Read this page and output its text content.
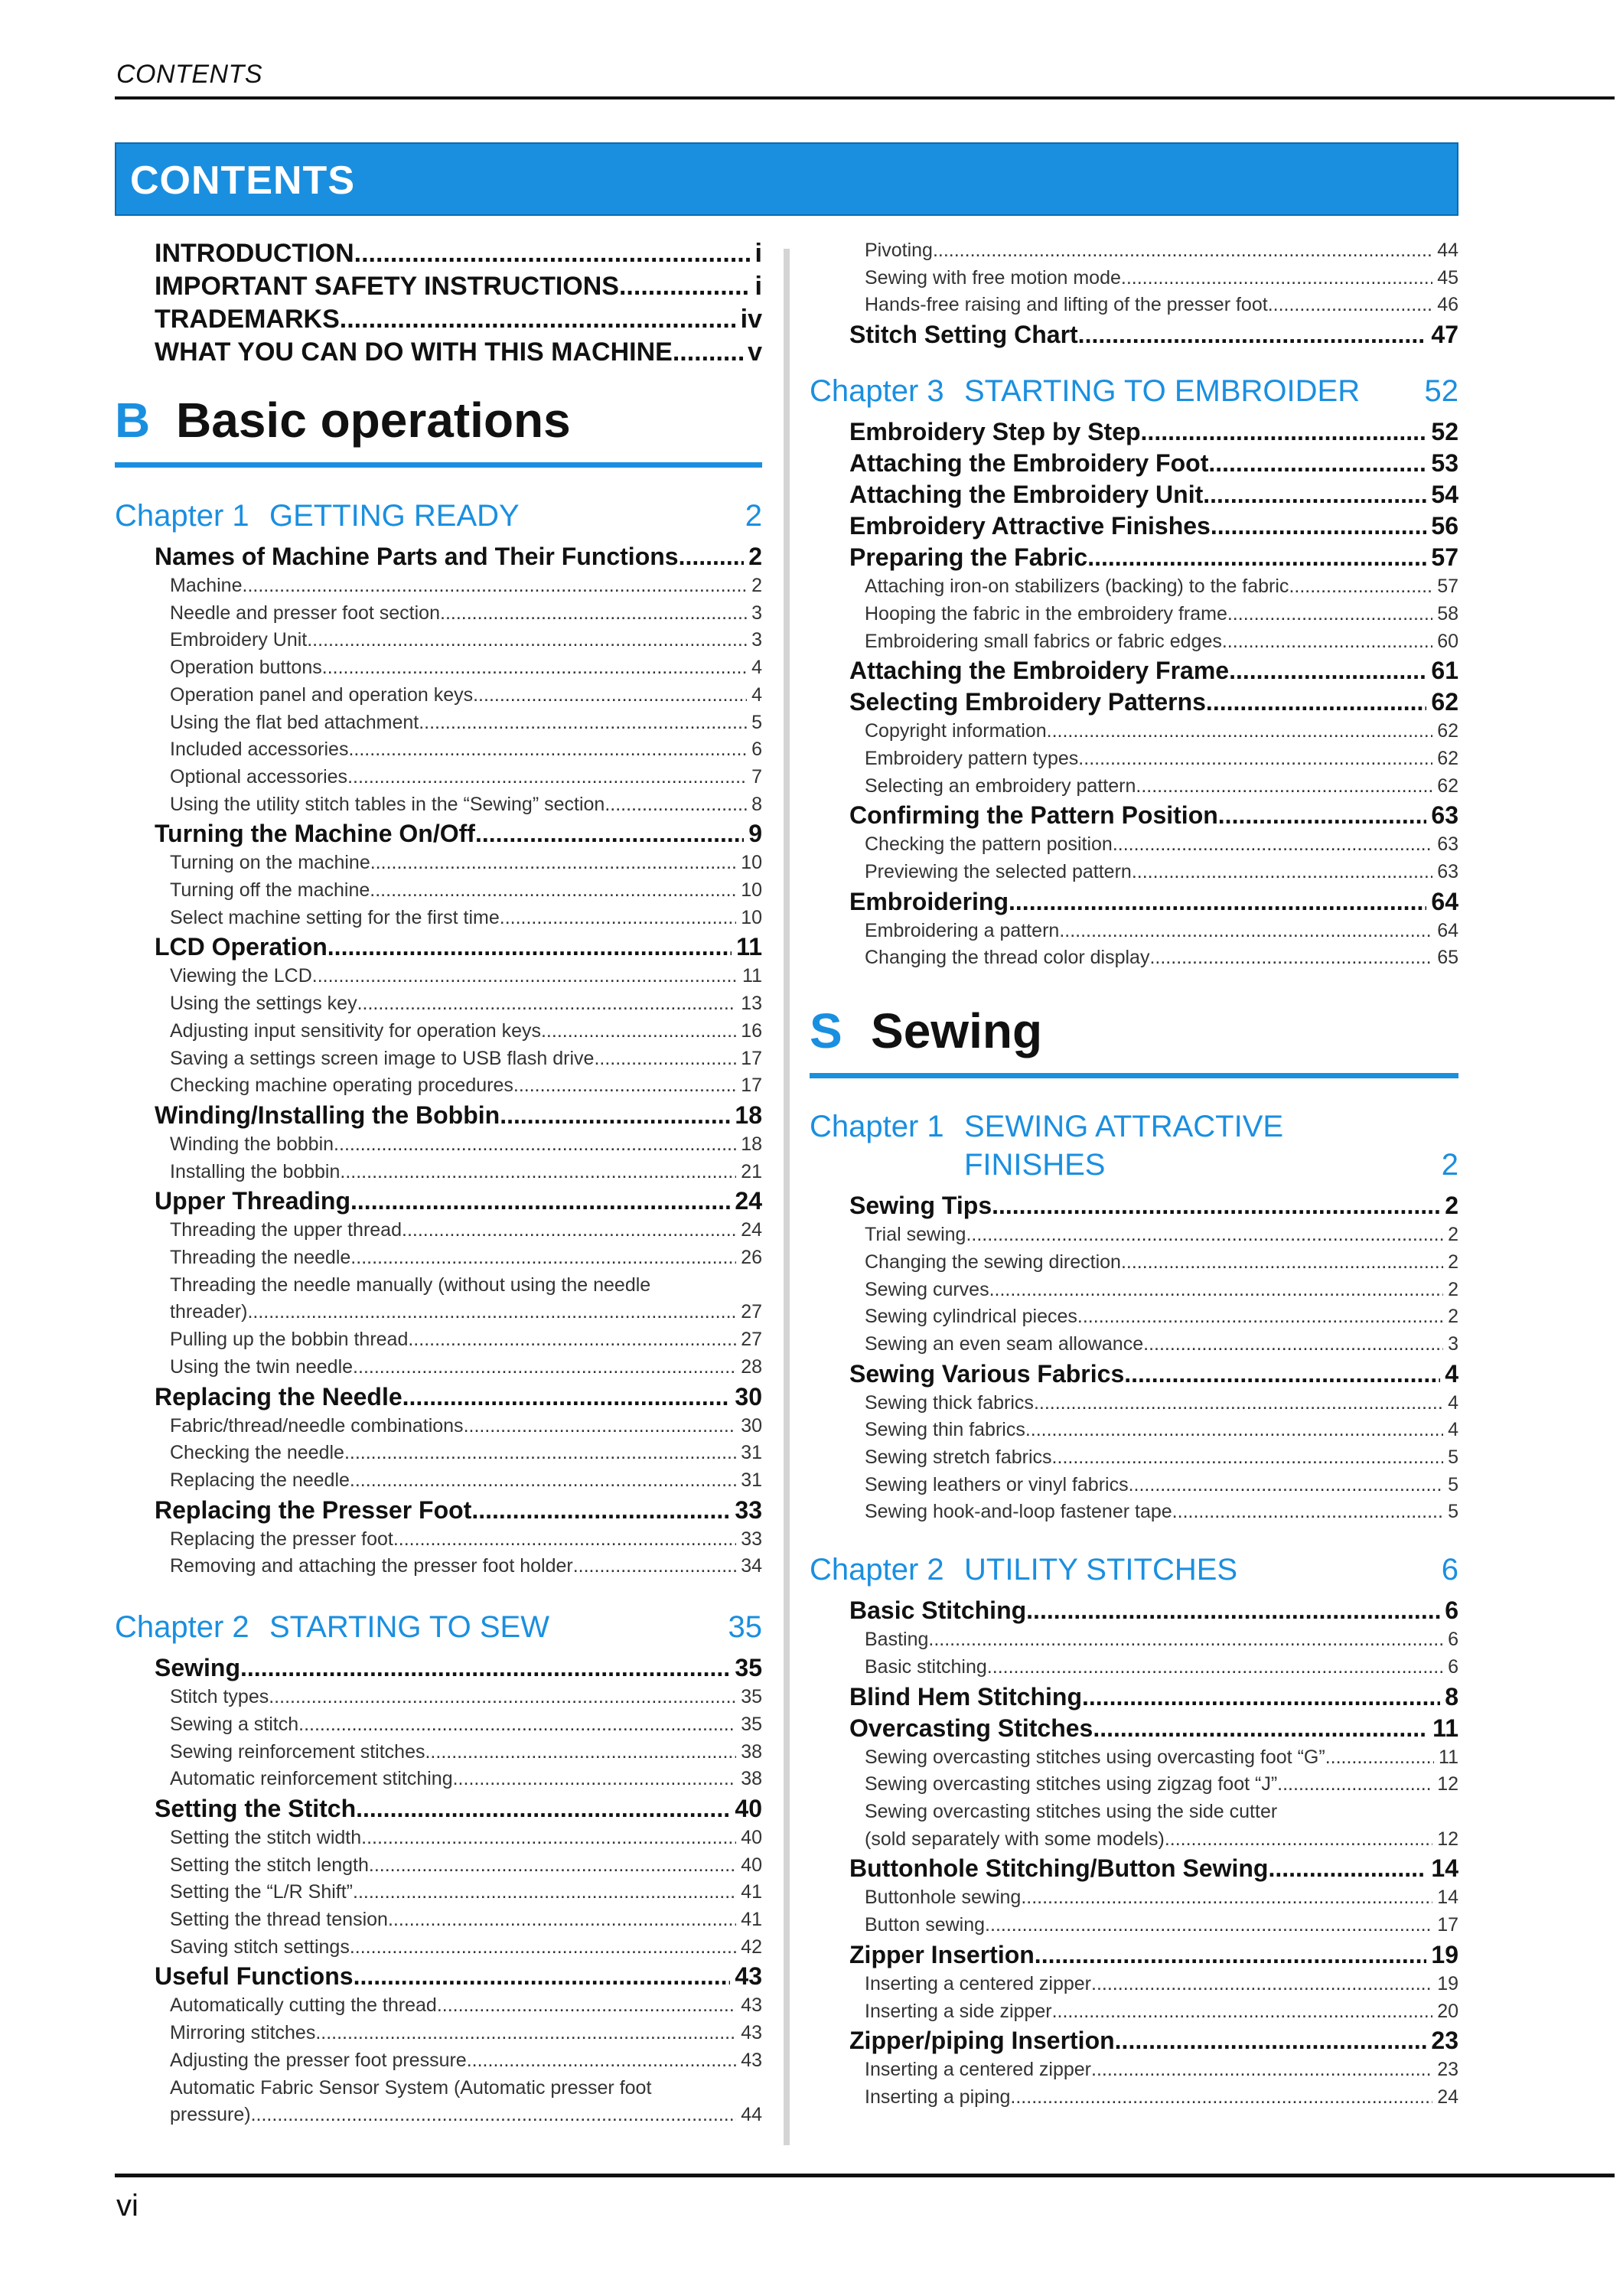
CONTENTS
CONTENTS
INTRODUCTION .....	i
IMPORTANT SAFETY INSTRUCTIONS .....	i
TRADEMARKS .....	iv
WHAT YOU CAN DO WITH THIS MACHINE .....	v
B Basic operations
Chapter 1 GETTING READY	2
Names of Machine Parts and Their Functions .....	2
Machine .....	2
Needle and presser foot section .....	3
Embroidery Unit .....	3
Operation buttons .....	4
Operation panel and operation keys .....	4
Using the flat bed attachment .....	5
Included accessories .....	6
Optional accessories .....	7
Using the utility stitch tables in the “Sewing” section .....	8
Turning the Machine On/Off .....	9
Turning on the machine .....	10
Turning off the machine .....	10
Select machine setting for the first time .....	10
LCD Operation .....	11
Viewing the LCD .....	11
Using the settings key .....	13
Adjusting input sensitivity for operation keys .....	16
Saving a settings screen image to USB flash drive .....	17
Checking machine operating procedures .....	17
Winding/Installing the Bobbin .....	18
Winding the bobbin .....	18
Installing the bobbin .....	21
Upper Threading .....	24
Threading the upper thread .....	24
Threading the needle .....	26
Threading the needle manually (without using the needle
threader) .....	27
Pulling up the bobbin thread .....	27
Using the twin needle .....	28
Replacing the Needle .....	30
Fabric/thread/needle combinations .....	30
Checking the needle .....	31
Replacing the needle .....	31
Replacing the Presser Foot .....	33
Replacing the presser foot .....	33
Removing and attaching the presser foot holder .....	34
Chapter 2 STARTING TO SEW	35
Sewing .....	35
Stitch types .....	35
Sewing a stitch .....	35
Sewing reinforcement stitches .....	38
Automatic reinforcement stitching .....	38
Setting the Stitch .....	40
Setting the stitch width .....	40
Setting the stitch length .....	40
Setting the “L/R Shift” .....	41
Setting the thread tension .....	41
Saving stitch settings .....	42
Useful Functions .....	43
Automatically cutting the thread .....	43
Mirroring stitches .....	43
Adjusting the presser foot pressure .....	43
Automatic Fabric Sensor System (Automatic presser foot
pressure) .....	44
Pivoting .....	44
Sewing with free motion mode .....	45
Hands-free raising and lifting of the presser foot .....	46
Stitch Setting Chart .....	47
Chapter 3 STARTING TO EMBROIDER	52
Embroidery Step by Step .....	52
Attaching the Embroidery Foot .....	53
Attaching the Embroidery Unit .....	54
Embroidery Attractive Finishes .....	56
Preparing the Fabric .....	57
Attaching iron-on stabilizers (backing) to the fabric .....	57
Hooping the fabric in the embroidery frame .....	58
Embroidering small fabrics or fabric edges .....	60
Attaching the Embroidery Frame .....	61
Selecting Embroidery Patterns .....	62
Copyright information .....	62
Embroidery pattern types .....	62
Selecting an embroidery pattern .....	62
Confirming the Pattern Position .....	63
Checking the pattern position .....	63
Previewing the selected pattern .....	63
Embroidering .....	64
Embroidering a pattern .....	64
Changing the thread color display .....	65
S Sewing
Chapter 1 SEWING ATTRACTIVE
FINISHES	2
Sewing Tips .....	2
Trial sewing .....	2
Changing the sewing direction .....	2
Sewing curves .....	2
Sewing cylindrical pieces .....	2
Sewing an even seam allowance .....	3
Sewing Various Fabrics .....	4
Sewing thick fabrics .....	4
Sewing thin fabrics .....	4
Sewing stretch fabrics .....	5
Sewing leathers or vinyl fabrics .....	5
Sewing hook-and-loop fastener tape .....	5
Chapter 2 UTILITY STITCHES	6
Basic Stitching .....	6
Basting .....	6
Basic stitching .....	6
Blind Hem Stitching .....	8
Overcasting Stitches .....	11
Sewing overcasting stitches using overcasting foot “G” .....	11
Sewing overcasting stitches using zigzag foot “J” .....	12
Sewing overcasting stitches using the side cutter
(sold separately with some models) .....	12
Buttonhole Stitching/Button Sewing .....	14
Buttonhole sewing .....	14
Button sewing .....	17
Zipper Insertion .....	19
Inserting a centered zipper .....	19
Inserting a side zipper .....	20
Zipper/piping Insertion .....	23
Inserting a centered zipper .....	23
Inserting a piping .....	24
vi
